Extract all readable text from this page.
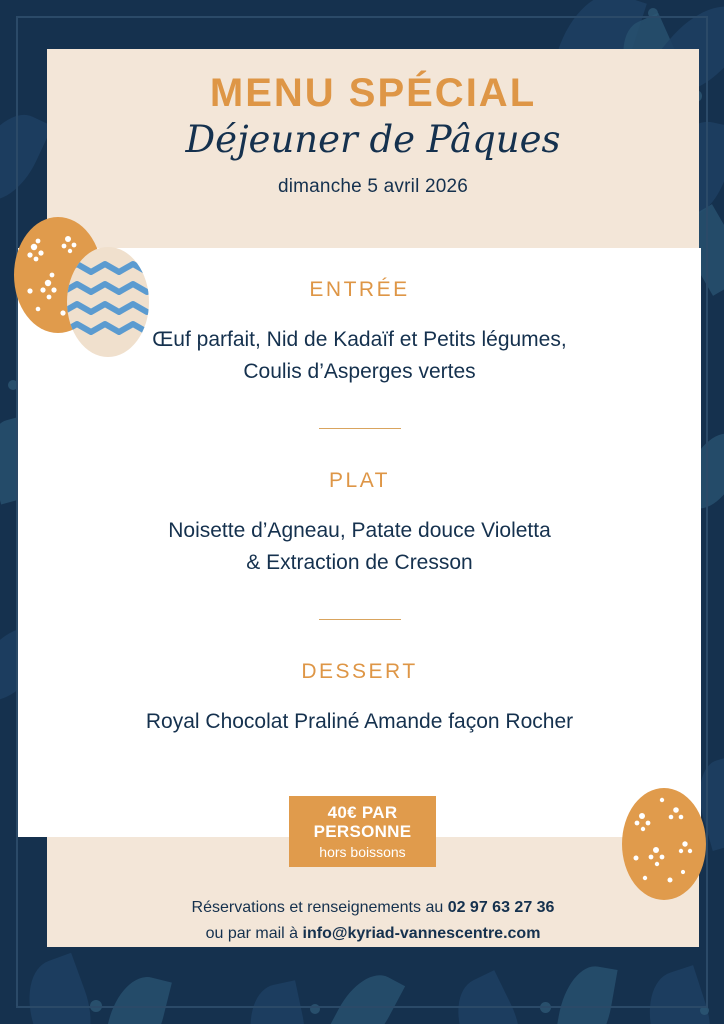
MENU SPÉCIAL
Déjeuner de Pâques
dimanche 5 avril 2026
ENTRÉE
Œuf parfait, Nid de Kadaïf et Petits légumes,
Coulis d’Asperges vertes
PLAT
Noisette d’Agneau, Patate douce Violetta
& Extraction de Cresson
DESSERT
Royal Chocolat Praliné Amande façon Rocher
40€ PAR
PERSONNE
hors boissons
Réservations et renseignements au 02 97 63 27 36
ou par mail à info@kyriad-vannescentre.com
